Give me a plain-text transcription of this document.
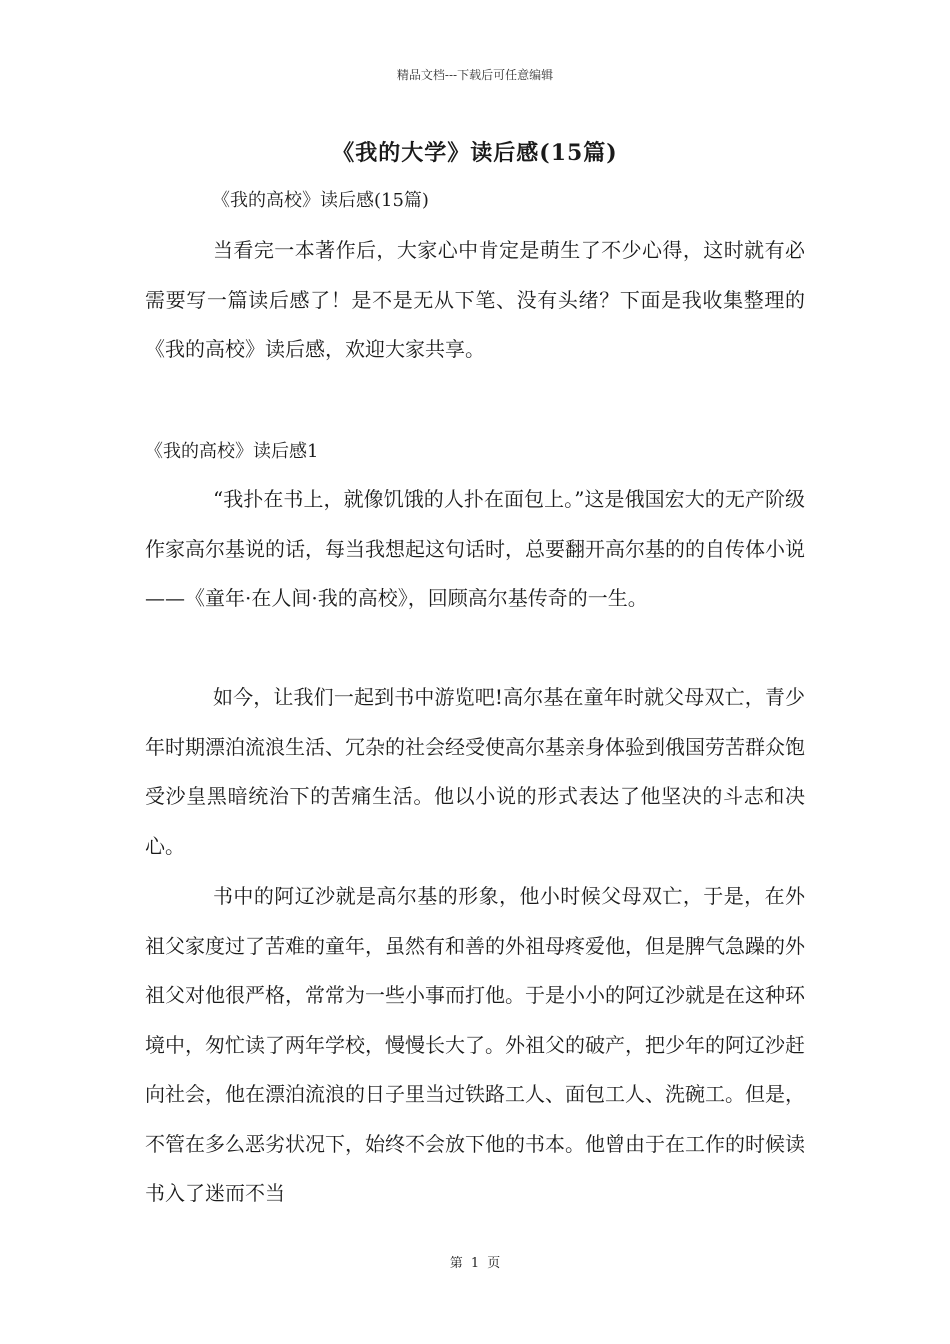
精品文档---下载后可任意编辑
《我的大学》读后感(15篇)
《我的高校》读后感(15篇)

当看完一本著作后，大家心中肯定是萌生了不少心得，这时就有必需要写一篇读后感了！是不是无从下笔、没有头绪？下面是我收集整理的《我的高校》读后感，欢迎大家共享。

《我的高校》读后感1

“我扑在书上，就像饥饿的人扑在面包上。”这是俄国宏大的无产阶级作家高尔基说的话，每当我想起这句话时，总要翻开高尔基的的自传体小说——《童年·在人间·我的高校》，回顾高尔基传奇的一生。

如今，让我们一起到书中游览吧!高尔基在童年时就父母双亡，青少年时期漂泊流浪生活、冗杂的社会经受使高尔基亲身体验到俄国劳苦群众饱受沙皇黑暗统治下的苦痛生活。他以小说的形式表达了他坚决的斗志和决心。

书中的阿辽沙就是高尔基的形象，他小时候父母双亡，于是，在外祖父家度过了苦难的童年，虽然有和善的外祖母疼爱他，但是脾气急躁的外祖父对他很严格，常常为一些小事而打他。于是小小的阿辽沙就是在这种环境中，匆忙读了两年学校，慢慢长大了。外祖父的破产，把少年的阿辽沙赶向社会，他在漂泊流浪的日子里当过铁路工人、面包工人、洗碗工。但是，不管在多么恶劣状况下，始终不会放下他的书本。他曾由于在工作的时候读书入了迷而不当

第 1 页
